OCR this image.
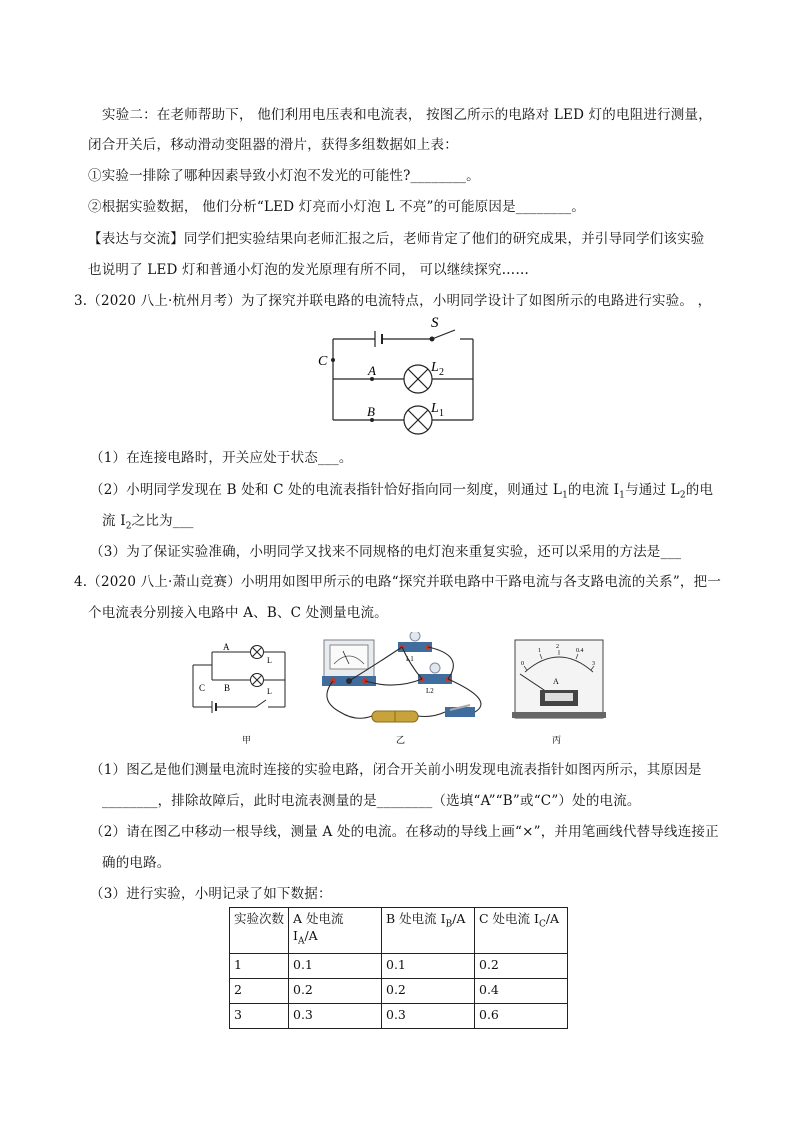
实验二：在老师帮助下， 他们利用电压表和电流表， 按图乙所示的电路对 LED 灯的电阻进行测量，
闭合开关后，移动滑动变阻器的滑片，获得多组数据如上表：
①实验一排除了哪种因素导致小灯泡不发光的可能性?________。
②根据实验数据， 他们分析“LED 灯亮而小灯泡 L 不亮”的可能原因是________。
【表达与交流】同学们把实验结果向老师汇报之后，老师肯定了他们的研究成果，并引导同学们该实验
也说明了 LED 灯和普通小灯泡的发光原理有所不同， 可以继续探究……
3.（2020 八上·杭州月考）为了探究并联电路的电流特点，小明同学设计了如图所示的电路进行实验。 ，
S
C
A
B
L 2
L 1
（1）在连接电路时，开关应处于状态___。
（2）小明同学发现在 B 处和 C 处的电流表指针恰好指向同一刻度，则通过 $L_1$的电流 $I_1$与通过 $L_2$的电
流 $I_2$之比为___
（3）为了保证实验准确，小明同学又找来不同规格的电灯泡来重复实验，还可以采用的方法是___
4.（2020 八上·萧山竞赛）小明用如图甲所示的电路“探究并联电路中干路电流与各支路电流的关系”，把一
个电流表分别接入电路中 A、B、C 处测量电流。
A
B
C
L
L
甲
L1
L2
乙
0
1
2
0.4
3
A
丙
（1）图乙是他们测量电流时连接的实验电路，闭合开关前小明发现电流表指针如图丙所示，其原因是
________，排除故障后，此时电流表测量的是________（选填“A”“B”或“C”）处的电流。
（2）请在图乙中移动一根导线，测量 A 处的电流。在移动的导线上画“×”，并用笔画线代替导线连接正
确的电路。
（3）进行实验，小明记录了如下数据：
实验次数	A 处电流
$I_A/A$	B 处电流 $I_B/A$	C 处电流 $I_C/A$
1	0.1	0.1	0.2
2	0.2	0.2	0.4
3	0.3	0.3	0.6
